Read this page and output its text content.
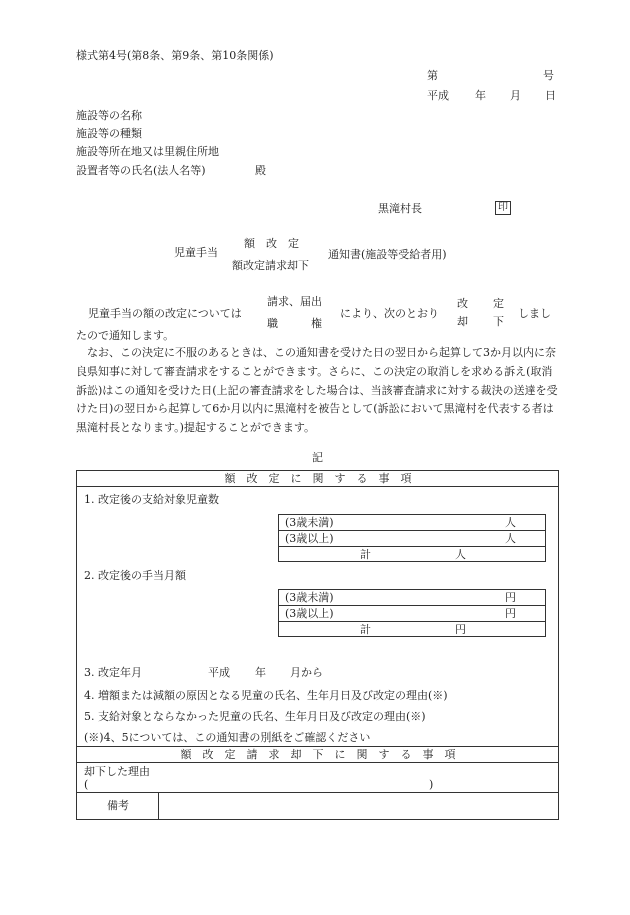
様式第4号(第8条、第9条、第10条関係)
第	号
平成 年 月 日
施設等の名称
施設等の種類
施設等所在地又は里親住所地
設置者等の氏名(法人名等)	殿
黒滝村長	印
児童手当
額　改　定
額改定請求却下
通知書(施設等受給者用)
児童手当の額の改定については
請求、届出
職　　　権
により、次のとおり
改
却
定
下
しまし
たので通知します。
なお、この決定に不服のあるときは、この通知書を受けた日の翌日から起算して3か月以内に奈良県知事に対して審査請求をすることができます。さらに、この決定の取消しを求める訴え(取消訴訟)はこの通知を受けた日(上記の審査請求をした場合は、当該審査請求に対する裁決の送達を受けた日)の翌日から起算して6か月以内に黒滝村を被告として(訴訟において黒滝村を代表する者は黒滝村長となります。)提起することができます。
記
額　改　定　に　関　す　る　事　項
1. 改定後の支給対象児童数
(3歳未満)	人
(3歳以上)	人
計	人
2. 改定後の手当月額
(3歳未満)	円
(3歳以上)	円
計	円
3. 改定年月	平成 年 月から
4. 増額または減額の原因となる児童の氏名、生年月日及び改定の理由(※)
5. 支給対象とならなかった児童の氏名、生年月日及び改定の理由(※)
(※)4、5については、この通知書の別紙をご確認ください
額　改　定　請　求　却　下　に　関　す　る　事　項
却下した理由
(	)
備考
